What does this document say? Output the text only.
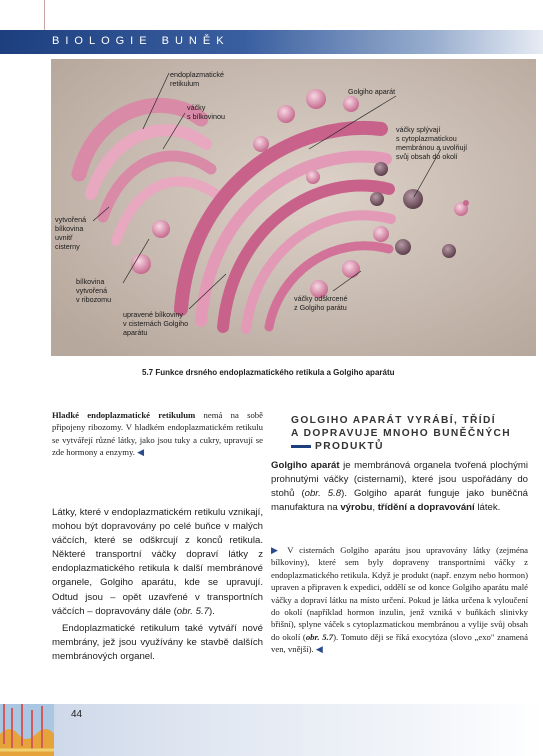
BIOLOGIE BUNĚK
endoplazmatické
retikulum
váčky
s bílkovinou
Golgiho aparát
váčky splývají
s cytoplazmatickou
membránou a uvolňují
svůj obsah do okolí
vytvořená
bílkovina
uvnitř
cisterny
bílkovina
vytvořená
v ribozomu
upravené bílkoviny
v cisternách Golgiho
aparátu
váčky odškrcené
z Golgiho parátu
5.7 Funkce drsného endoplazmatického retikula a Golgiho aparátu
Hladké endoplazmatické retikulum nemá na sobě připojeny ribozomy. V hladkém endoplazmatickém retikulu se vytvářejí různé látky, jako jsou tuky a cukry, upravují se zde hormony a enzymy. ◀
Látky, které v endoplazmatickém retikulu vznikají, mohou být dopravovány po celé buňce v malých váčcích, které se odškrcují z konců retikula. Některé transportní váčky dopraví látky z endoplazmatického retikula k další membránové organele, Golgiho aparátu, kde se upravují. Odtud jsou – opět uzavřené v transportních váčcích – dopravovány dále (obr. 5.7).
Endoplazmatické retikulum také vytváří nové membrány, jež jsou využívány ke stavbě dalších membránových organel.
GOLGIHO APARÁT VYRÁBÍ, TŘÍDÍ
A DOPRAVUJE MNOHO BUNĚČNÝCH
PRODUKTŮ
Golgiho aparát je membránová organela tvořená plochými prohnutými váčky (cisternami), které jsou uspořádány do stohů (obr. 5.8). Golgiho aparát funguje jako buněčná manufaktura na výrobu, třídění a dopravování látek.
▶ V cisternách Golgiho aparátu jsou upravovány látky (zejména bílkoviny), které sem byly dopraveny transportními váčky z endoplazmatického retikula. Když je produkt (např. enzym nebo hormon) upraven a připraven k expedici, oddělí se od konce Golgiho aparátu malé váčky a dopraví látku na místo určení. Pokud je látka určena k vyloučení do okolí (například hormon inzulin, jenž vzniká v buňkách slinivky břišní), splyne váček s cytoplazmatickou membránou a vylije svůj obsah do okolí (obr. 5.7). Tomuto ději se říká exocytóza (slovo „exo" znamená ven, vnější). ◀
44
